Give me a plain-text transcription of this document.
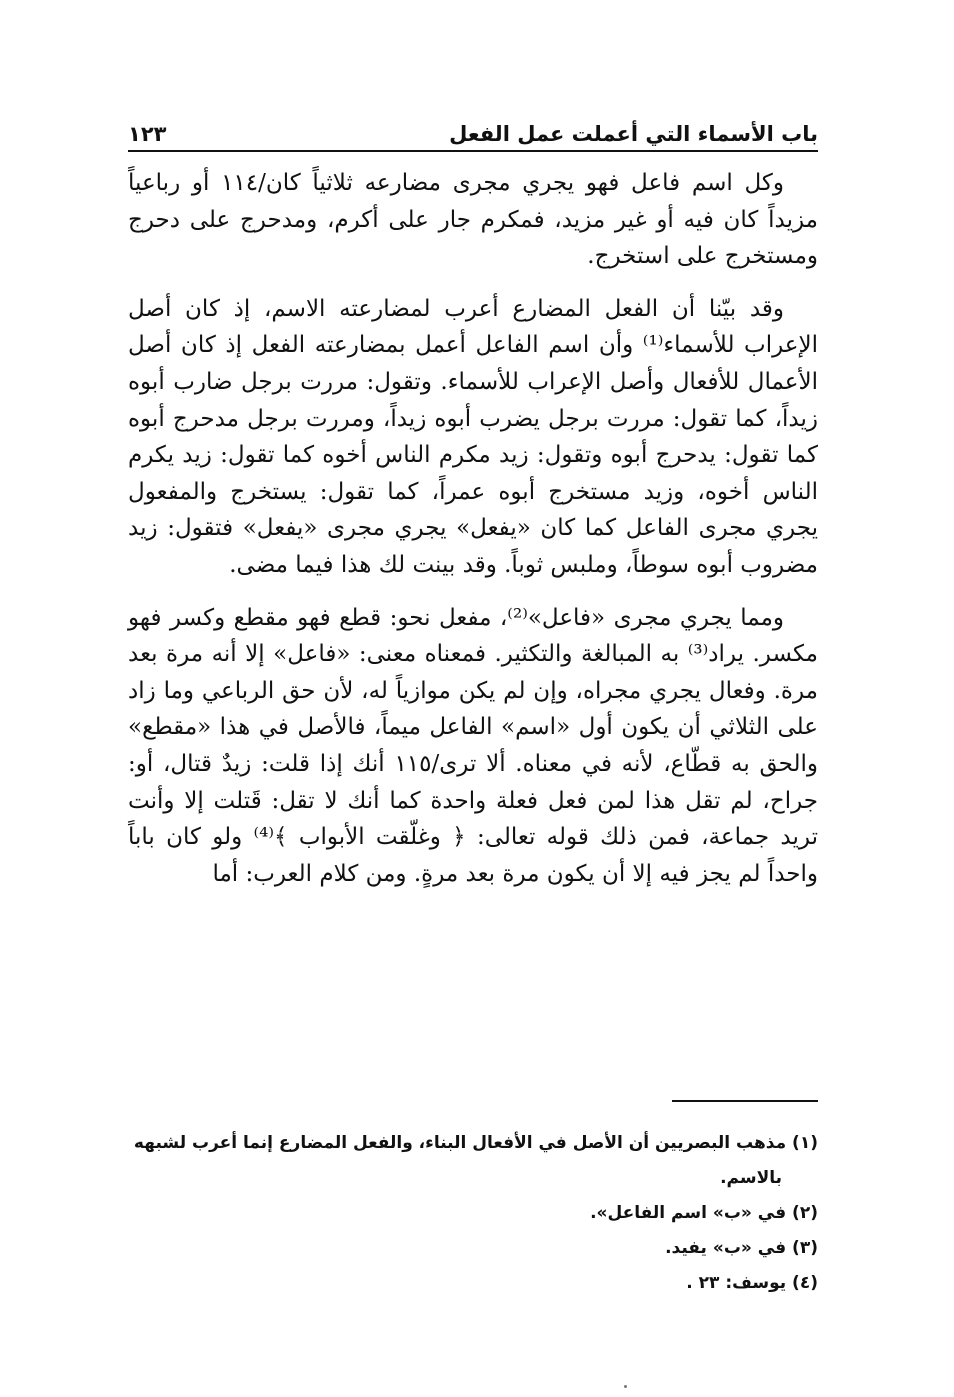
باب الأسماء التي أعملت عمل الفعل
١٢٣

وكل اسم فاعل فهو يجري مجرى مضارعه ثلاثياً كان/١١٤ أو رباعياً مزيداً كان فيه أو غير مزيد، فمكرم جار على أكرم، ومدحرج على دحرج ومستخرج على استخرج.

وقد بيّنا أن الفعل المضارع أعرب لمضارعته الاسم، إذ كان أصل الإعراب للأسماء⁽¹⁾ وأن اسم الفاعل أعمل بمضارعته الفعل إذ كان أصل الأعمال للأفعال وأصل الإعراب للأسماء. وتقول: مررت برجل ضارب أبوه زيداً، كما تقول: مررت برجل يضرب أبوه زيداً، ومررت برجل مدحرج أبوه كما تقول: يدحرج أبوه وتقول: زيد مكرم الناس أخوه كما تقول: زيد يكرم الناس أخوه، وزيد مستخرج أبوه عمراً، كما تقول: يستخرج والمفعول يجري مجرى الفاعل كما كان «يفعل» يجري مجرى «يفعل» فتقول: زيد مضروب أبوه سوطاً، وملبس ثوباً. وقد بينت لك هذا فيما مضى.

ومما يجري مجرى «فاعل»⁽²⁾، مفعل نحو: قطع فهو مقطع وكسر فهو مكسر. يراد⁽³⁾ به المبالغة والتكثير. فمعناه معنى: «فاعل» إلا أنه مرة بعد مرة. وفعال يجري مجراه، وإن لم يكن موازياً له، لأن حق الرباعي وما زاد على الثلاثي أن يكون أول «اسم» الفاعل ميماً، فالأصل في هذا «مقطع» والحق به قطّاع، لأنه في معناه. ألا ترى/١١٥ أنك إذا قلت: زيدٌ قتال، أو: جراح، لم تقل هذا لمن فعل فعلة واحدة كما أنك لا تقل: قَتلت إلا وأنت تريد جماعة، فمن ذلك قوله تعالى: ﴿ وغلّقت الأبواب ﴾⁽⁴⁾ ولو كان باباً واحداً لم يجز فيه إلا أن يكون مرة بعد مرةٍ. ومن كلام العرب: أما

(١) مذهب البصريين أن الأصل في الأفعال البناء، والفعل المضارع إنما أعرب لشبهه

بالاسم.

(٢) في «ب» اسم الفاعل».

(٣) في «ب» يفيد.

(٤) يوسف: ٢٣ .
